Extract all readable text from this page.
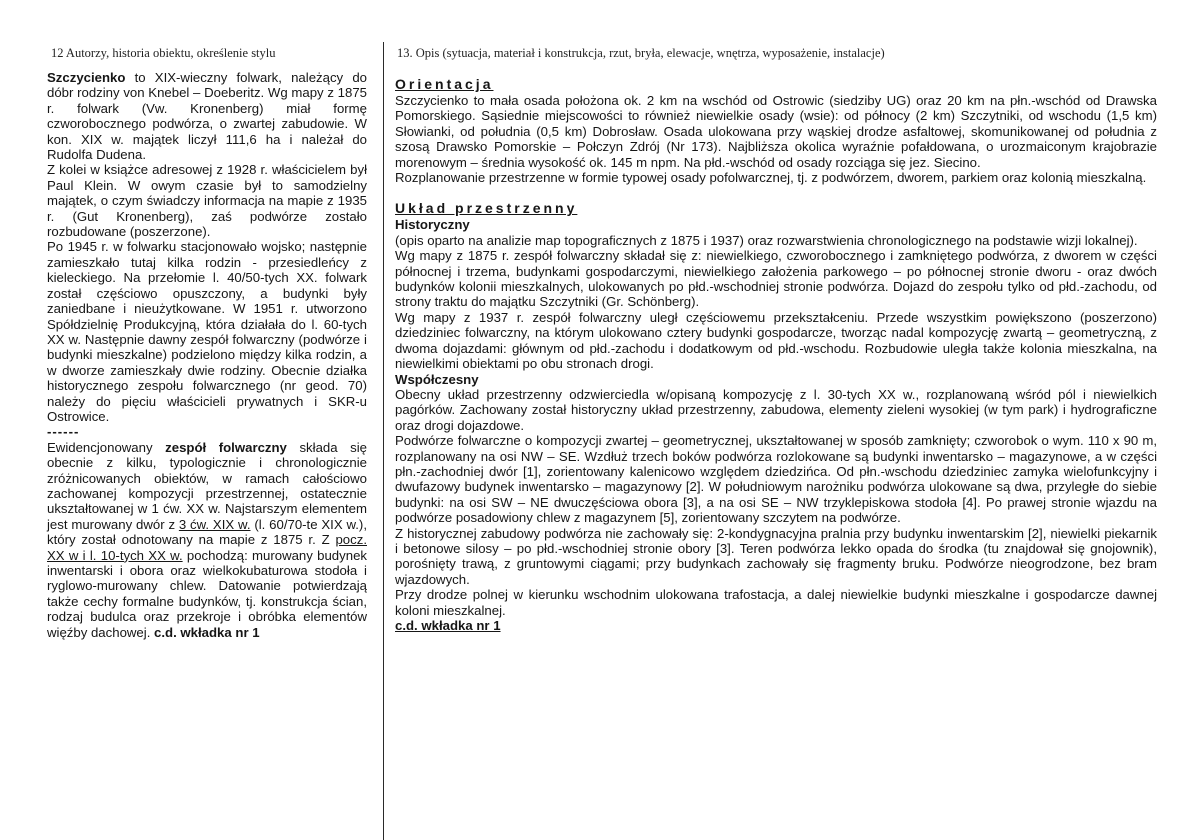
12 Autorzy, historia obiektu, określenie stylu	13. Opis (sytuacja, materiał i konstrukcja, rzut, bryła, elewacje, wnętrza, wyposażenie, instalacje)

Szczycienko to XIX-wieczny folwark, należący do dóbr rodziny von Knebel – Doeberitz. Wg mapy z 1875 r. folwark (Vw. Kronenberg) miał formę czworobocznego podwórza, o zwartej zabudowie. W kon. XIX w. majątek liczył 111,6 ha i należał do Rudolfa Dudena.

Z kolei w książce adresowej z 1928 r. właścicielem był Paul Klein. W owym czasie był to samodzielny majątek, o czym świadczy informacja na mapie z 1935 r. (Gut Kronenberg), zaś podwórze zostało rozbudowane (poszerzone).

Po 1945 r. w folwarku stacjonowało wojsko; następnie zamieszkało tutaj kilka rodzin - przesiedleńcy z kieleckiego. Na przełomie l. 40/50-tych XX. folwark został częściowo opuszczony, a budynki były zaniedbane i nieużytkowane. W 1951 r. utworzono Spółdzielnię Produkcyjną, która działała do l. 60-tych XX w. Następnie dawny zespół folwarczny (podwórze i budynki mieszkalne) podzielono między kilka rodzin, a w dworze zamieszkały dwie rodziny. Obecnie działka historycznego zespołu folwarcznego (nr geod. 70) należy do pięciu właścicieli prywatnych i SKR-u Ostrowice.

------

Ewidencjonowany zespół folwarczny składa się obecnie z kilku, typologicznie i chronologicznie zróżnicowanych obiektów, w ramach całościowo zachowanej kompozycji przestrzennej, ostatecznie ukształtowanej w 1 ćw. XX w. Najstarszym elementem jest murowany dwór z 3 ćw. XIX w. (l. 60/70-te XIX w.), który został odnotowany na mapie z 1875 r. Z pocz. XX w i l. 10-tych XX w. pochodzą: murowany budynek inwentarski i obora oraz wielkokubaturowa stodoła i ryglowo-murowany chlew. Datowanie potwierdzają także cechy formalne budynków, tj. konstrukcja ścian, rodzaj budulca oraz przekroje i obróbka elementów więźby dachowej. c.d. wkładka nr 1

Orientacja

Szczycienko to mała osada położona ok. 2 km na wschód od Ostrowic (siedziby UG) oraz 20 km na płn.-wschód od Drawska Pomorskiego. Sąsiednie miejscowości to również niewielkie osady (wsie): od północy (2 km) Szczytniki, od wschodu (1,5 km) Słowianki, od południa (0,5 km) Dobrosław. Osada ulokowana przy wąskiej drodze asfaltowej, skomunikowanej od południa z szosą Drawsko Pomorskie – Połczyn Zdrój (Nr 173). Najbliższa okolica wyraźnie pofałdowana, o urozmaiconym krajobrazie morenowym – średnia wysokość ok. 145 m npm. Na płd.-wschód od osady rozciąga się jez. Siecino.

Rozplanowanie przestrzenne w formie typowej osady pofolwarcznej, tj. z podwórzem, dworem, parkiem oraz kolonią mieszkalną.

Układ przestrzenny

Historyczny

(opis oparto na analizie map topograficznych z 1875 i 1937) oraz rozwarstwienia chronologicznego na podstawie wizji lokalnej).

Wg mapy z 1875 r. zespół folwarczny składał się z: niewielkiego, czworobocznego i zamkniętego podwórza, z dworem w części północnej i trzema, budynkami gospodarczymi, niewielkiego założenia parkowego – po północnej stronie dworu - oraz dwóch budynków kolonii mieszkalnych, ulokowanych po płd.-wschodniej stronie podwórza. Dojazd do zespołu tylko od płd.-zachodu, od strony traktu do majątku Szczytniki (Gr. Schönberg).

Wg mapy z 1937 r. zespół folwarczny uległ częściowemu przekształceniu. Przede wszystkim powiększono (poszerzono) dziedziniec folwarczny, na którym ulokowano cztery budynki gospodarcze, tworząc nadal kompozycję zwartą – geometryczną, z dwoma dojazdami: głównym od płd.-zachodu i dodatkowym od płd.-wschodu. Rozbudowie uległa także kolonia mieszkalna, na niewielkimi obiektami po obu stronach drogi.

Współczesny

Obecny układ przestrzenny odzwierciedla w/opisaną kompozycję z l. 30-tych XX w., rozplanowaną wśród pól i niewielkich pagórków. Zachowany został historyczny układ przestrzenny, zabudowa, elementy zieleni wysokiej (w tym park) i hydrograficzne oraz drogi dojazdowe.

Podwórze folwarczne o kompozycji zwartej – geometrycznej, ukształtowanej w sposób zamknięty; czworobok o wym. 110 x 90 m, rozplanowany na osi NW – SE. Wzdłuż trzech boków podwórza rozlokowane są budynki inwentarsko – magazynowe, a w części płn.-zachodniej dwór [1], zorientowany kalenicowo względem dziedzińca. Od płn.-wschodu dziedziniec zamyka wielofunkcyjny i dwufazowy budynek inwentarsko – magazynowy [2]. W południowym narożniku podwórza ulokowane są dwa, przyległe do siebie budynki: na osi SW – NE dwuczęściowa obora [3], a na osi SE – NW trzyklepiskowa stodoła [4]. Po prawej stronie wjazdu na podwórze posadowiony chlew z magazynem [5], zorientowany szczytem na podwórze.

Z historycznej zabudowy podwórza nie zachowały się: 2-kondygnacyjna pralnia przy budynku inwentarskim [2], niewielki piekarnik i betonowe silosy – po płd.-wschodniej stronie obory [3]. Teren podwórza lekko opada do środka (tu znajdował się gnojownik), porośnięty trawą, z gruntowymi ciągami; przy budynkach zachowały się fragmenty bruku. Podwórze nieogrodzone, bez bram wjazdowych.

Przy drodze polnej w kierunku wschodnim ulokowana trafostacja, a dalej niewielkie budynki mieszkalne i gospodarcze dawnej koloni mieszkalnej.

c.d. wkładka nr 1
